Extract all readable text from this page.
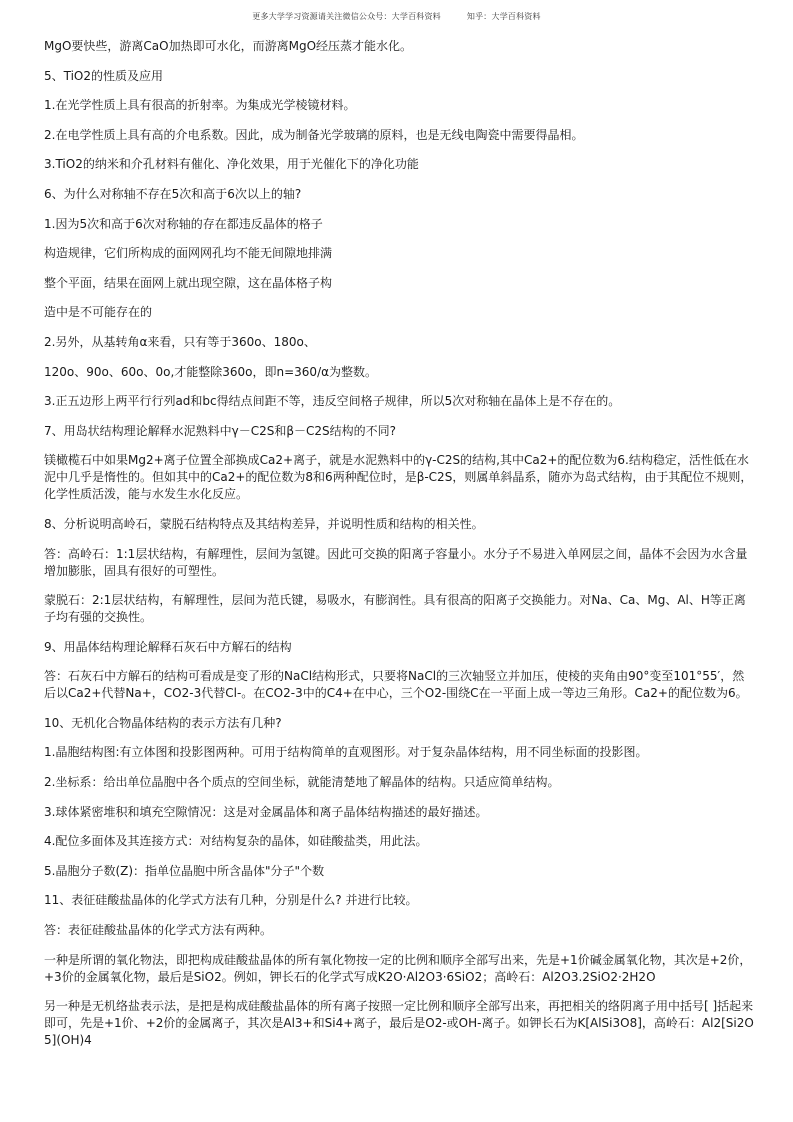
更多大学学习资源请关注微信公众号：大学百科资料	知乎：大学百科资料

MgO要快些，游离CaO加热即可水化，而游离MgO经压蒸才能水化。

5、TiO2的性质及应用

1.在光学性质上具有很高的折射率。为集成光学棱镜材料。

2.在电学性质上具有高的介电系数。因此，成为制备光学玻璃的原料，也是无线电陶瓷中需要得晶相。

3.TiO2的纳米和介孔材料有催化、净化效果，用于光催化下的净化功能

6、为什么对称轴不存在5次和高于6次以上的轴?

1.因为5次和高于6次对称轴的存在都违反晶体的格子

构造规律，它们所构成的面网网孔均不能无间隙地排满

整个平面，结果在面网上就出现空隙，这在晶体格子构

造中是不可能存在的

2.另外，从基转角α来看，只有等于360o、180o、

120o、90o、60o、0o,才能整除360o，即n=360/α为整数。

3.正五边形上两平行行列ad和bc得结点间距不等，违反空间格子规律，所以5次对称轴在晶体上是不存在的。

7、用岛状结构理论解释水泥熟料中γ－C2S和β－C2S结构的不同?

镁橄榄石中如果Mg2+离子位置全部换成Ca2+离子，就是水泥熟料中的γ-C2S的结构,其中Ca2+的配位数为6.结构稳定，活性低在水泥中几乎是惰性的。但如其中的Ca2+的配位数为8和6两种配位时，是β-C2S，则属单斜晶系，随亦为岛式结构，由于其配位不规则，化学性质活泼，能与水发生水化反应。

8、分析说明高岭石，蒙脱石结构特点及其结构差异，并说明性质和结构的相关性。

答：高岭石：1:1层状结构，有解理性，层间为氢键。因此可交换的阳离子容量小。水分子不易进入单网层之间，晶体不会因为水含量增加膨胀，固具有很好的可塑性。

蒙脱石：2:1层状结构，有解理性，层间为范氏键，易吸水，有膨润性。具有很高的阳离子交换能力。对Na、Ca、Mg、Al、H等正离子均有强的交换性。

9、用晶体结构理论解释石灰石中方解石的结构

答：石灰石中方解石的结构可看成是变了形的NaCl结构形式，只要将NaCl的三次轴竖立并加压，使棱的夹角由90°变至101°55′，然后以Ca2+代替Na+，CO2-3代替Cl-。在CO2-3中的C4+在中心，三个O2-围绕C在一平面上成一等边三角形。Ca2+的配位数为6。

10、无机化合物晶体结构的表示方法有几种?

1.晶胞结构图:有立体图和投影图两种。可用于结构简单的直观图形。对于复杂晶体结构，用不同坐标面的投影图。

2.坐标系：给出单位晶胞中各个质点的空间坐标，就能清楚地了解晶体的结构。只适应简单结构。

3.球体紧密堆积和填充空隙情况：这是对金属晶体和离子晶体结构描述的最好描述。

4.配位多面体及其连接方式：对结构复杂的晶体，如硅酸盐类，用此法。

5.晶胞分子数(Z)：指单位晶胞中所含晶体"分子"个数

11、表征硅酸盐晶体的化学式方法有几种，分别是什么? 并进行比较。

答：表征硅酸盐晶体的化学式方法有两种。

一种是所谓的氧化物法，即把构成硅酸盐晶体的所有氧化物按一定的比例和顺序全部写出来，先是+1价碱金属氧化物，其次是+2价，+3价的金属氧化物，最后是SiO2。例如，钾长石的化学式写成K2O·Al2O3·6SiO2；高岭石：Al2O3.2SiO2·2H2O

另一种是无机络盐表示法，是把是构成硅酸盐晶体的所有离子按照一定比例和顺序全部写出来，再把相关的络阴离子用中括号[ ]括起来即可，先是+1价、+2价的金属离子，其次是Al3+和Si4+离子，最后是O2-或OH-离子。如钾长石为K[AlSi3O8]，高岭石：Al2[Si2O5](OH)4
